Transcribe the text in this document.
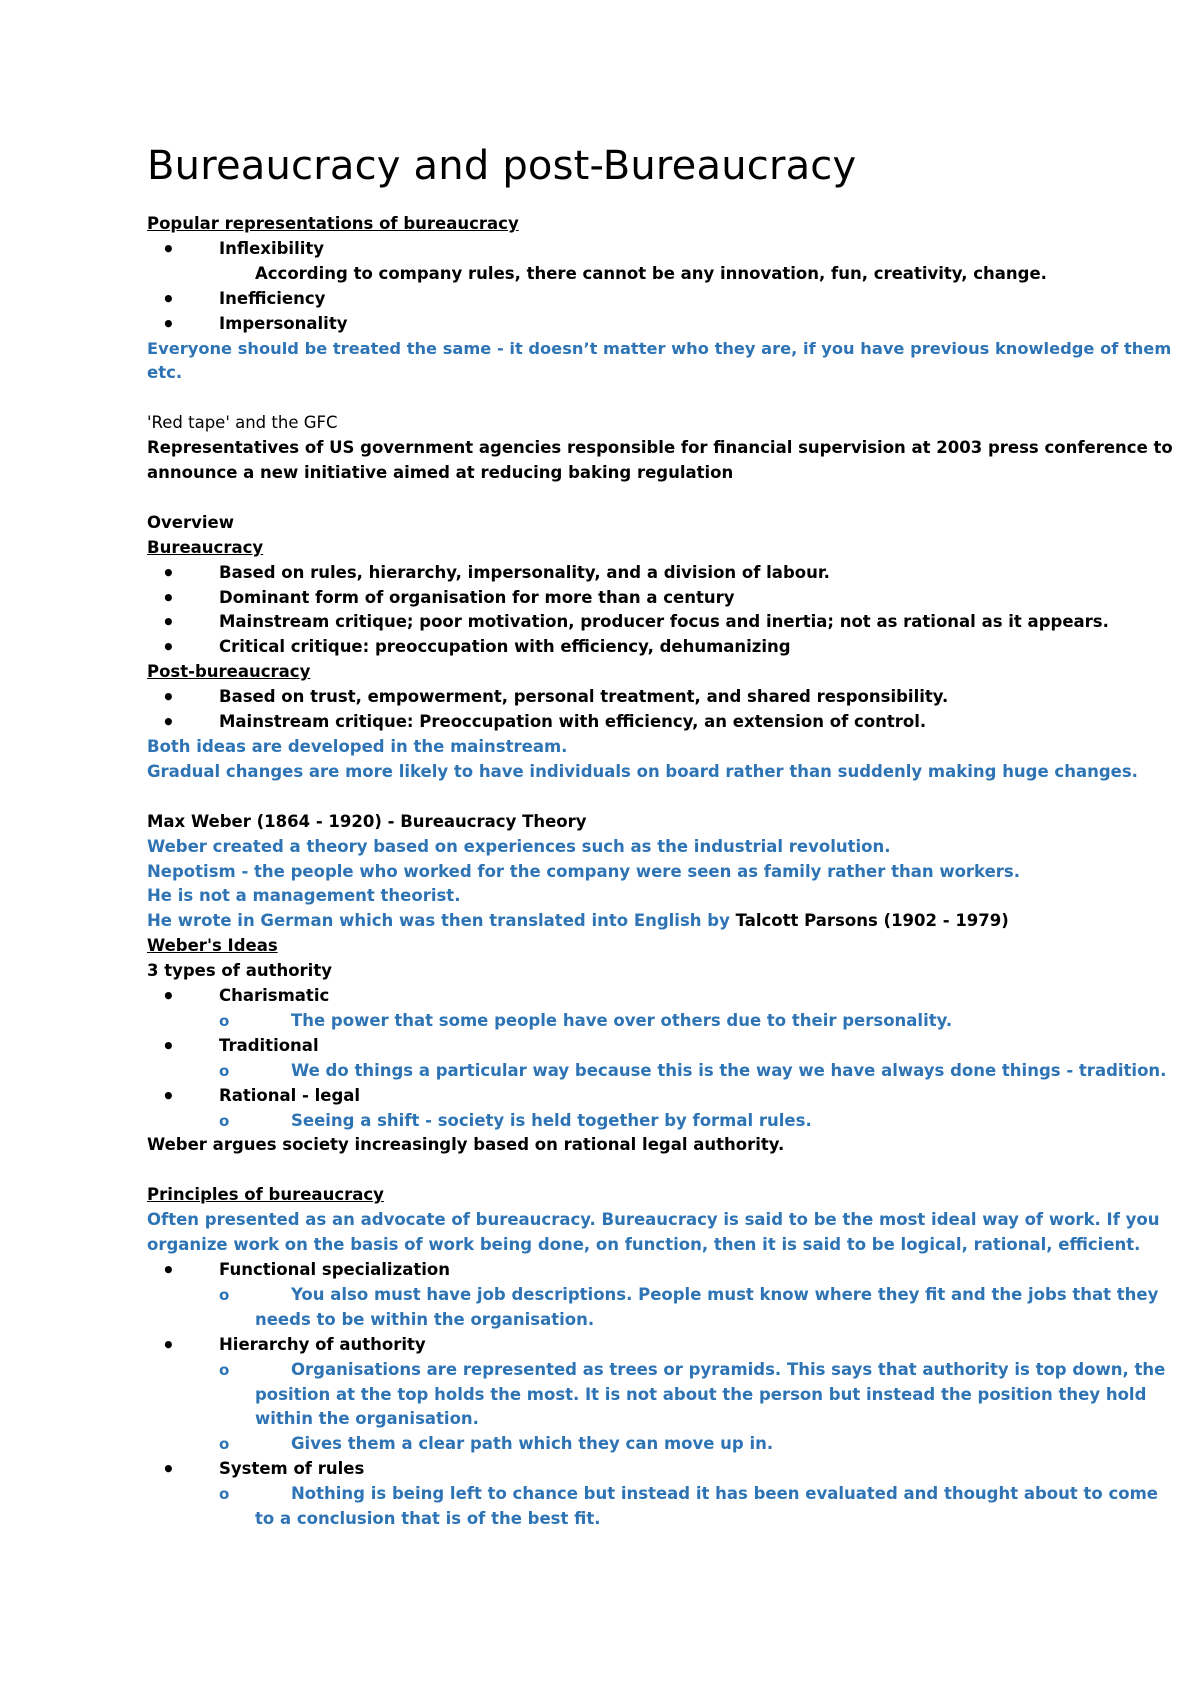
Bureaucracy and post-Bureaucracy
Popular representations of bureaucracy
• Inflexibility
According to company rules, there cannot be any innovation, fun, creativity, change.
• Inefficiency
• Impersonality
Everyone should be treated the same - it doesn’t matter who they are, if you have previous knowledge of them
etc.
'Red tape' and the GFC
Representatives of US government agencies responsible for financial supervision at 2003 press conference to
announce a new initiative aimed at reducing baking regulation
Overview
Bureaucracy
• Based on rules, hierarchy, impersonality, and a division of labour.
• Dominant form of organisation for more than a century
• Mainstream critique; poor motivation, producer focus and inertia; not as rational as it appears.
• Critical critique: preoccupation with efficiency, dehumanizing
Post-bureaucracy
• Based on trust, empowerment, personal treatment, and shared responsibility.
• Mainstream critique: Preoccupation with efficiency, an extension of control.
Both ideas are developed in the mainstream.
Gradual changes are more likely to have individuals on board rather than suddenly making huge changes.
Max Weber (1864 - 1920) - Bureaucracy Theory
Weber created a theory based on experiences such as the industrial revolution.
Nepotism - the people who worked for the company were seen as family rather than workers.
He is not a management theorist.
He wrote in German which was then translated into English by Talcott Parsons (1902 - 1979)
Weber's Ideas
3 types of authority
• Charismatic
o The power that some people have over others due to their personality.
• Traditional
o We do things a particular way because this is the way we have always done things - tradition.
• Rational - legal
o Seeing a shift - society is held together by formal rules.
Weber argues society increasingly based on rational legal authority.
Principles of bureaucracy
Often presented as an advocate of bureaucracy. Bureaucracy is said to be the most ideal way of work. If you
organize work on the basis of work being done, on function, then it is said to be logical, rational, efficient.
• Functional specialization
o You also must have job descriptions. People must know where they fit and the jobs that they
needs to be within the organisation.
• Hierarchy of authority
o Organisations are represented as trees or pyramids. This says that authority is top down, the
position at the top holds the most. It is not about the person but instead the position they hold
within the organisation.
o Gives them a clear path which they can move up in.
• System of rules
o Nothing is being left to chance but instead it has been evaluated and thought about to come
to a conclusion that is of the best fit.
